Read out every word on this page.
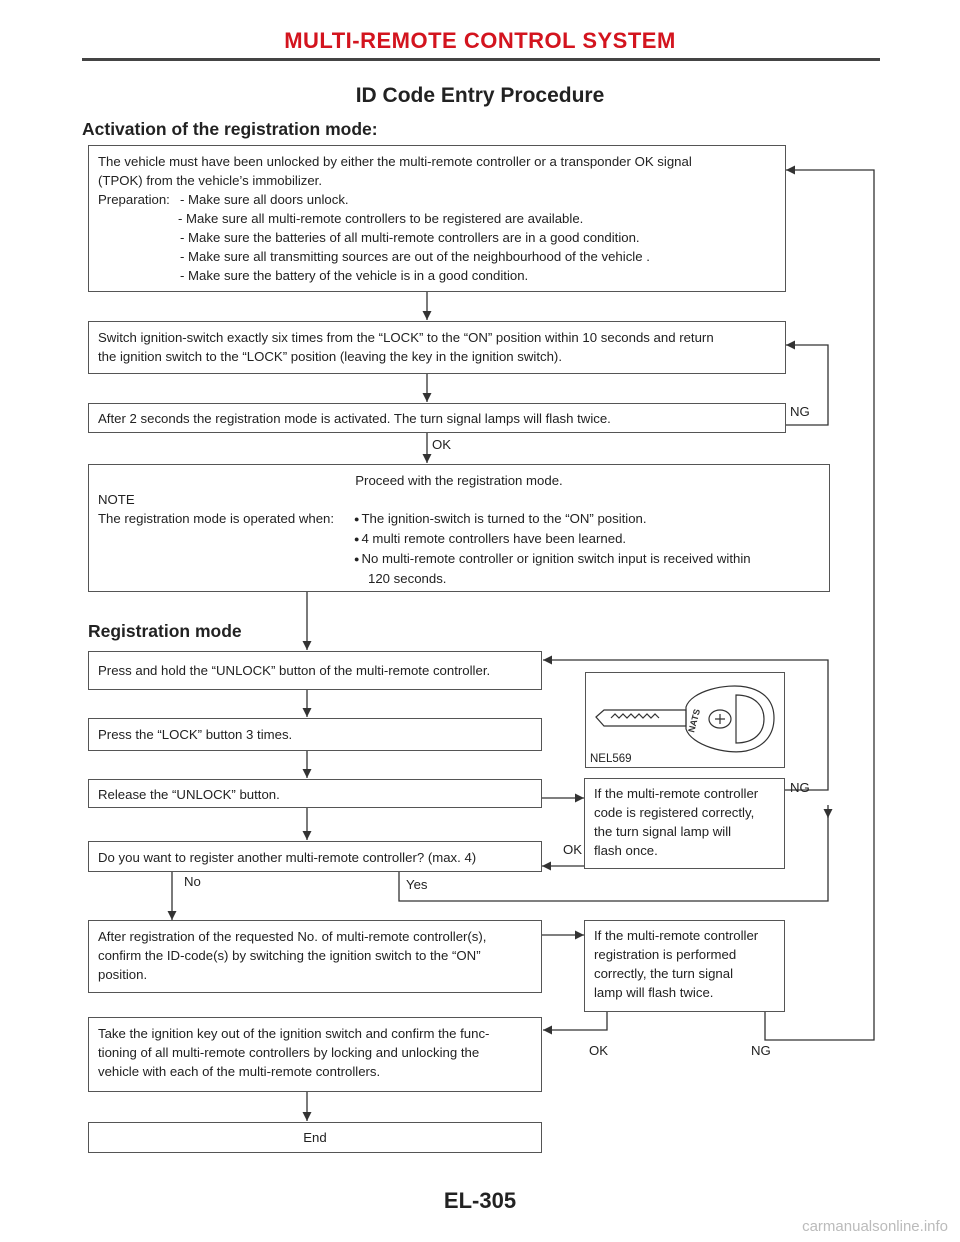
MULTI-REMOTE CONTROL SYSTEM
ID Code Entry Procedure
Activation of the registration mode:
The vehicle must have been unlocked by either the multi-remote controller or a transponder OK signal
(TPOK) from the vehicle’s immobilizer.
Preparation: - Make sure all doors unlock.
- Make sure all multi-remote controllers to be registered are available.
- Make sure the batteries of all multi-remote controllers are in a good condition.
- Make sure all transmitting sources are out of the neighbourhood of the vehicle .
- Make sure the battery of the vehicle is in a good condition.
Switch ignition-switch exactly six times from the “LOCK” to the “ON” position within 10 seconds and return
the ignition switch to the “LOCK” position (leaving the key in the ignition switch).
After 2 seconds the registration mode is activated. The turn signal lamps will flash twice.	NG
OK
Proceed with the registration mode.
NOTE
The registration mode is operated when:
●	The ignition-switch is turned to the “ON” position.
● 4 multi remote controllers have been learned.
● No multi-remote controller or ignition switch input is received within
120 seconds.
Registration mode
Press and hold the “UNLOCK” button of the multi-remote controller.
Press the “LOCK” button 3 times.
Release the “UNLOCK” button.
Do you want to register another multi-remote controller? (max. 4)
No	Yes
NATS
NEL569
If the multi-remote controller
code is registered correctly,
the turn signal lamp will
flash once.
NG
OK
After registration of the requested No. of multi-remote controller(s),
confirm the ID-code(s) by switching the ignition switch to the “ON”
position.
If the multi-remote controller
registration is performed
correctly, the turn signal
lamp will flash twice.
OK	NG
Take the ignition key out of the ignition switch and confirm the func-
tioning of all multi-remote controllers by locking and unlocking the
vehicle with each of the multi-remote controllers.
End
EL-305
carmanualsonline.info
